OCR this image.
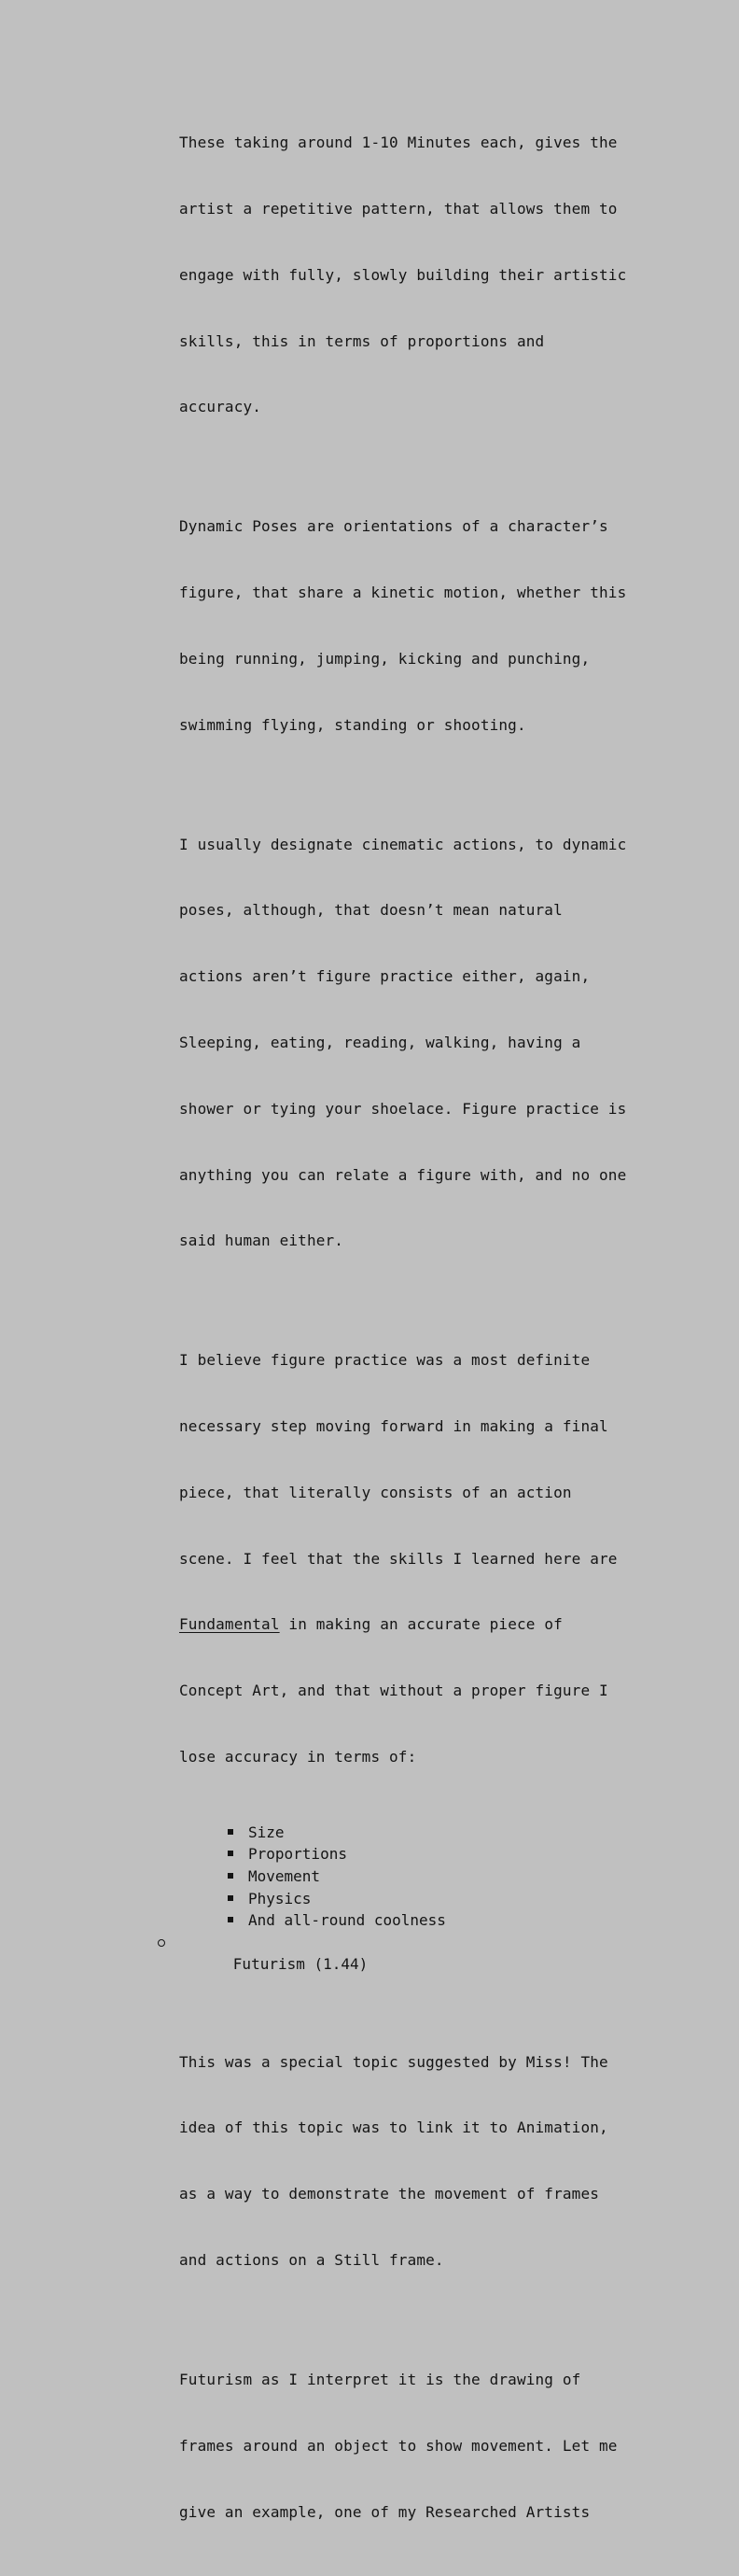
These taking around 1-10 Minutes each, gives the

artist a repetitive pattern, that allows them to

engage with fully, slowly building their artistic

skills, this in terms of proportions and

accuracy.

Dynamic Poses are orientations of a character’s

figure, that share a kinetic motion, whether this

being running, jumping, kicking and punching,

swimming flying, standing or shooting.

I usually designate cinematic actions, to dynamic

poses, although, that doesn’t mean natural

actions aren’t figure practice either, again,

Sleeping, eating, reading, walking, having a

shower or tying your shoelace. Figure practice is

anything you can relate a figure with, and no one

said human either.

I believe figure practice was a most definite

necessary step moving forward in making a final

piece, that literally consists of an action

scene. I feel that the skills I learned here are

Fundamental in making an accurate piece of

Concept Art, and that without a proper figure I

lose accuracy in terms of:

Size
Proportions
Movement
Physics
And all-round coolness

Futurism (1.44)

This was a special topic suggested by Miss! The

idea of this topic was to link it to Animation,

as a way to demonstrate the movement of frames

and actions on a Still frame.

Futurism as I interpret it is the drawing of

frames around an object to show movement. Let me

give an example, one of my Researched Artists
